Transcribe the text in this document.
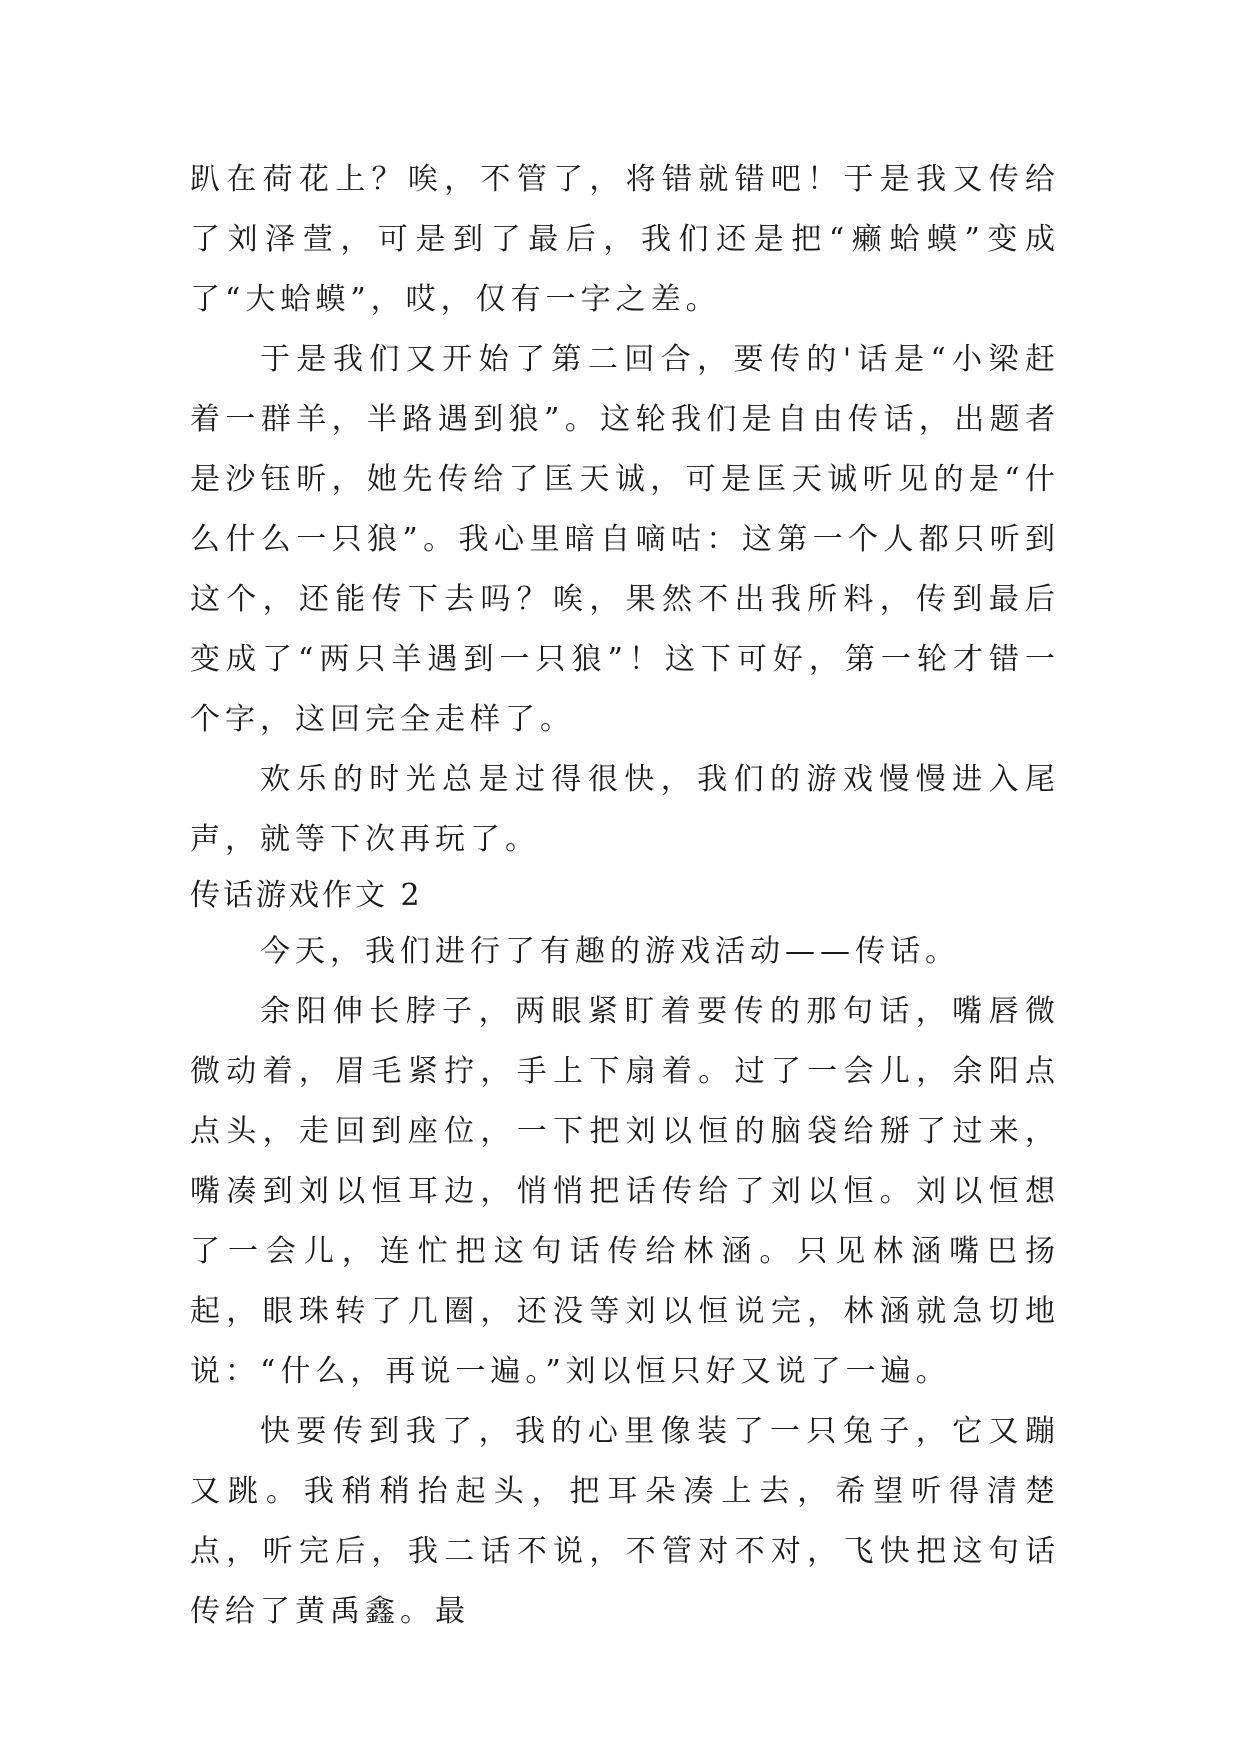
趴在荷花上？唉，不管了，将错就错吧！于是我又传给了刘泽萱，可是到了最后，我们还是把“癞蛤蟆”变成了“大蛤蟆”，哎，仅有一字之差。

于是我们又开始了第二回合，要传的'话是“小梁赶着一群羊，半路遇到狼”。这轮我们是自由传话，出题者是沙钰昕，她先传给了匡天诚，可是匡天诚听见的是“什么什么一只狼”。我心里暗自嘀咕：这第一个人都只听到这个，还能传下去吗？唉，果然不出我所料，传到最后变成了“两只羊遇到一只狼”！这下可好，第一轮才错一个字，这回完全走样了。

欢乐的时光总是过得很快，我们的游戏慢慢进入尾声，就等下次再玩了。

传话游戏作文 2

今天，我们进行了有趣的游戏活动——传话。

余阳伸长脖子，两眼紧盯着要传的那句话，嘴唇微微动着，眉毛紧拧，手上下扇着。过了一会儿，余阳点点头，走回到座位，一下把刘以恒的脑袋给掰了过来，嘴凑到刘以恒耳边，悄悄把话传给了刘以恒。刘以恒想了一会儿，连忙把这句话传给林涵。只见林涵嘴巴扬起，眼珠转了几圈，还没等刘以恒说完，林涵就急切地说：“什么，再说一遍。”刘以恒只好又说了一遍。

快要传到我了，我的心里像装了一只兔子，它又蹦又跳。我稍稍抬起头，把耳朵凑上去，希望听得清楚点，听完后，我二话不说，不管对不对，飞快把这句话传给了黄禹鑫。最
